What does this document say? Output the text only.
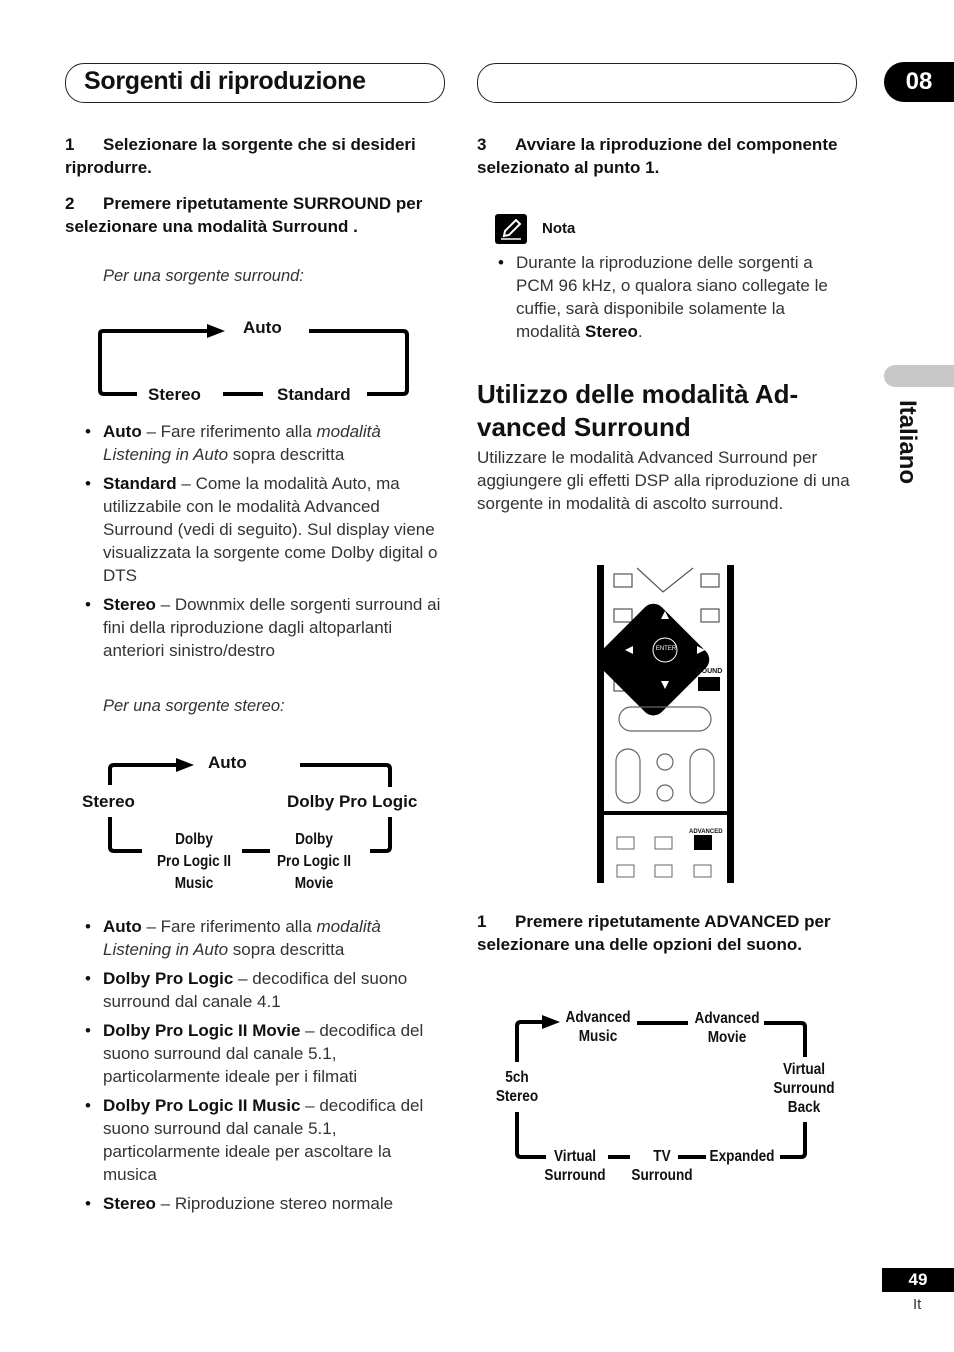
Sorgenti di riproduzione	08
1 Selezionare la sorgente che si desideri riprodurre.
2 Premere ripetutamente SURROUND per selezionare una modalità Surround .
Per una sorgente surround:
Auto
Stereo	Standard
• Auto – Fare riferimento alla modalità Listening in Auto sopra descritta
• Standard – Come la modalità Auto, ma utilizzabile con le modalità Advanced Surround (vedi di seguito). Sul display viene visualizzata la sorgente come Dolby digital o DTS
• Stereo – Downmix delle sorgenti surround ai fini della riproduzione dagli altoparlanti anteriori sinistro/destro
Per una sorgente stereo:
Auto
Stereo	Dolby Pro Logic
Dolby
Pro Logic II
Music
Dolby
Pro Logic II
Movie
• Auto – Fare riferimento alla modalità Listening in Auto sopra descritta
• Dolby Pro Logic – decodifica del suono surround dal canale 4.1
• Dolby Pro Logic II Movie – decodifica del suono surround dal canale 5.1, particolarmente ideale per i filmati
• Dolby Pro Logic II Music – decodifica del suono surround dal canale 5.1, particolarmente ideale per ascoltare la musica
• Stereo – Riproduzione stereo normale
3 Avviare la riproduzione del componente selezionato al punto 1.
Nota
• Durante la riproduzione delle sorgenti a PCM 96 kHz, o qualora siano collegate le cuffie, sarà disponibile solamente la modalità Stereo.
Utilizzo delle modalità Ad-
vanced Surround
Utilizzare le modalità Advanced Surround per aggiungere gli effetti DSP alla riproduzione di una sorgente in modalità di ascolto surround.
ENTER
SOUND
ADVANCED
1 Premere ripetutamente ADVANCED per selezionare una delle opzioni del suono.
Advanced
Music
Advanced
Movie
5ch
Stereo
Virtual
Surround
Back
Virtual
Surround
TV
Surround
Expanded
Italiano
49
It
